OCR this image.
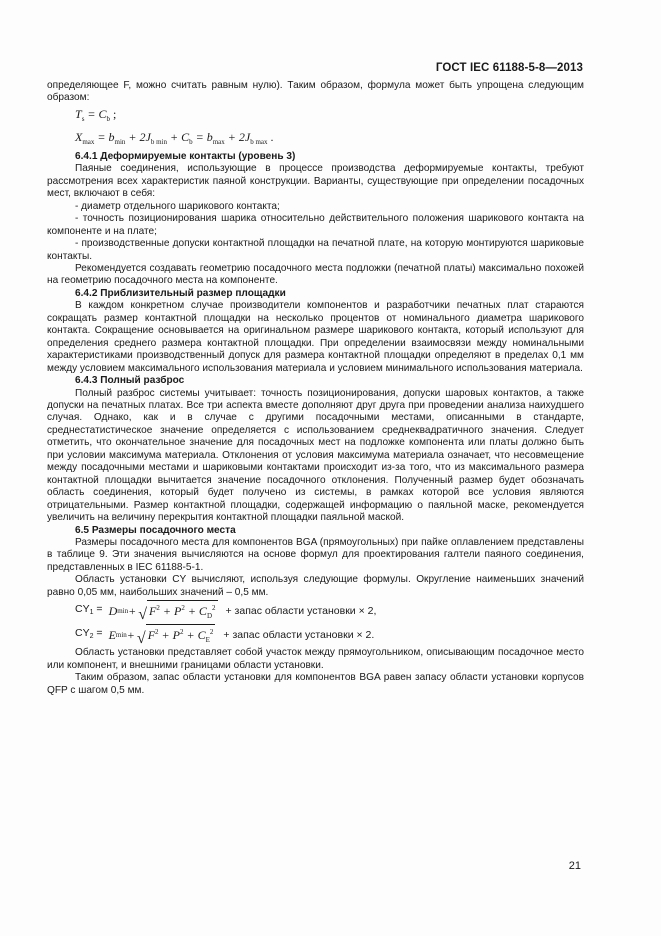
ГОСТ IEC 61188-5-8—2013

определяющее F, можно считать равным нулю). Таким образом, формула может быть упрощена следующим образом:

$T_s = C_b$ ;
$X_{max} = b_{min} + 2J_{b min} + C_b = b_{max} + 2J_{b max}$ .

6.4.1 Деформируемые контакты (уровень 3)

Паяные соединения, использующие в процессе производства деформируемые контакты, требуют рассмотрения всех характеристик паяной конструкции. Варианты, существующие при определении посадочных мест, включают в себя:

- диаметр отдельного шарикового контакта;

- точность позиционирования шарика относительно действительного положения шарикового контакта на компоненте и на плате;

- производственные допуски контактной площадки на печатной плате, на которую монтируются шариковые контакты.

Рекомендуется создавать геометрию посадочного места подложки (печатной платы) максимально похожей на геометрию посадочного места на компоненте.

6.4.2 Приблизительный размер площадки

В каждом конкретном случае производители компонентов и разработчики печатных плат стараются сокращать размер контактной площадки на несколько процентов от номинального диаметра шарикового контакта. Сокращение основывается на оригинальном размере шарикового контакта, который используют для определения среднего размера контактной площадки. При определении взаимосвязи между номинальными характеристиками производственный допуск для размера контактной площадки определяют в пределах 0,1 мм между условием максимального использования материала и условием минимального использования материала.

6.4.3 Полный разброс

Полный разброс системы учитывает: точность позиционирования, допуски шаровых контактов, а также допуски на печатных платах. Все три аспекта вместе дополняют друг друга при проведении анализа наихудшего случая. Однако, как и в случае с другими посадочными местами, описанными в стандарте, среднестатистическое значение определяется с использованием среднеквадратичного значения. Следует отметить, что окончательное значение для посадочных мест на подложке компонента или платы должно быть при условии максимума материала. Отклонения от условия максимума материала означает, что несовмещение между посадочными местами и шариковыми контактами происходит из-за того, что из максимального размера контактной площадки вычитается значение посадочного отклонения. Полученный размер будет обозначать область соединения, который будет получено из системы, в рамках которой все условия являются отрицательными. Размер контактной площадки, содержащей информацию о паяльной маске, рекомендуется увеличить на величину перекрытия контактной площадки паяльной маской.

6.5 Размеры посадочного места

Размеры посадочного места для компонентов BGA (прямоугольных) при пайке оплавлением представлены в таблице 9. Эти значения вычисляются на основе формул для проектирования галтели паяного соединения, представленных в IEC 61188-5-1.

Область установки CY вычисляют, используя следующие формулы. Округление наименьших значений равно 0,05 мм, наибольших значений – 0,5 мм.

$CY_1 = D$ min + √ $F^2 + P^2 + C_D^2$ + запас области установки × 2,
$CY_2 = E$ min + √ $F^2 + P^2 + C_E^2$ + запас области установки × 2.

Область установки представляет собой участок между прямоугольником, описывающим посадочное место или компонент, и внешними границами области установки.

Таким образом, запас области установки для компонентов BGA равен запасу области установки корпусов QFP с шагом 0,5 мм.

21
